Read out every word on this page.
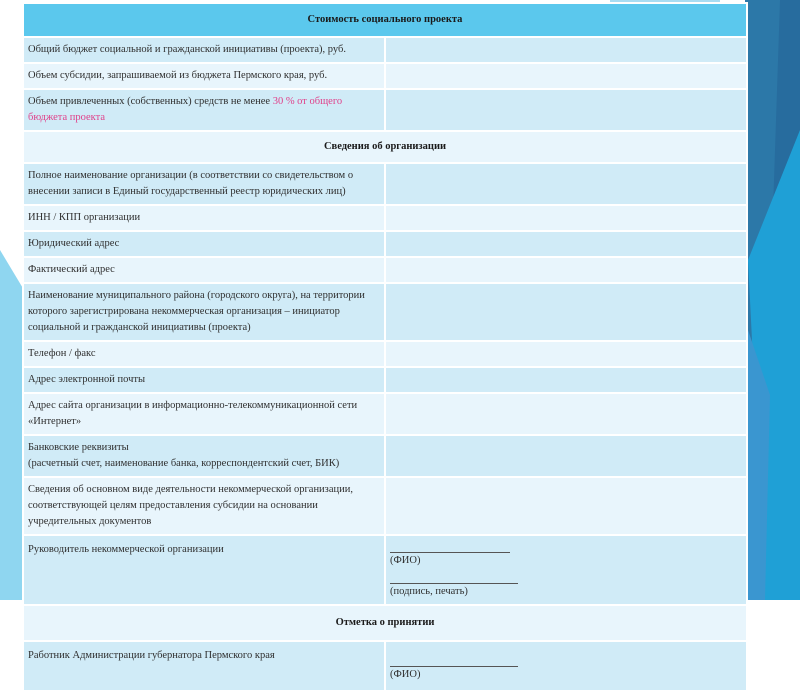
Стоимость социального проекта	
Общий бюджет социальной и гражданской инициативы (проекта), руб.	
Объем субсидии, запрашиваемой из бюджета Пермского края, руб.	
Объем привлеченных (собственных) средств не менее 30 % от общего бюджета проекта	
Сведения об организации	
Полное наименование организации (в соответствии со свидетельством о внесении записи в Единый государственный реестр юридических лиц)	
ИНН / КПП организации	
Юридический адрес	
Фактический адрес	
Наименование муниципального района (городского округа), на территории которого зарегистрирована некоммерческая организация – инициатор социальной и гражданской инициативы (проекта)	
Телефон / факс	
Адрес электронной почты	
Адрес сайта организации в информационно-телекоммуникационной сети «Интернет»	

Банковские реквизиты
(расчетный счет, наименование банка, корреспондентский счет, БИК)	

Сведения об основном виде деятельности некоммерческой организации, соответствующей целям предоставления субсидии на основании учредительных документов	
Руководитель некоммерческой организации	(ФИО)
(подпись, печать)

Отметка о принятии	
Работник Администрации губернатора Пермского края	(ФИО)
